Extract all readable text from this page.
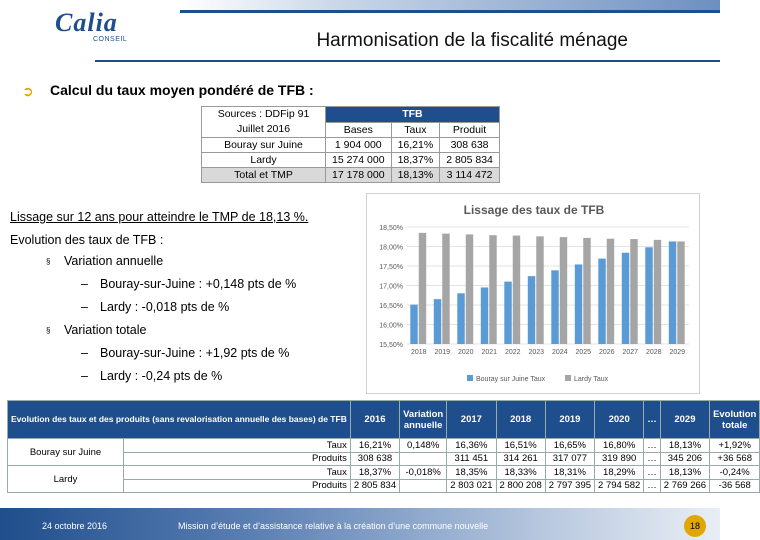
Calia
CONSEIL	Harmonisation de la fiscalité ménage
➲ Calcul du taux moyen pondéré de TFB :
Sources : DDFip 91 Juillet 2016	TFB		
	Bases	Taux	Produit
Bouray sur Juine	1 904 000	16,21%	308 638
Lardy	15 274 000	18,37%	2 805 834
Total et TMP	17 178 000	18,13%	3 114 472
Lissage sur 12 ans pour atteindre le TMP de 18,13 %.
Evolution des taux de TFB :
§ Variation annuelle
– Bouray-sur-Juine : +0,148 pts de %
– Lardy : -0,018 pts de %
§ Variation totale
– Bouray-sur-Juine : +1,92 pts de %
– Lardy : -0,24 pts de %
Lissage des taux de TFB
15,50%
16,00%
16,50%
17,00%
17,50%
18,00%
18,50%
2018 2019 2020 2021 2022 2023 2024 2025 2026 2027 2028 2029
Bouray sur Juine Taux	Lardy Taux
Evolution des taux et des produits (sans revalorisation annuelle des bases) de TFB		2016	Variation annuelle	2017	2018	2019	2020	…	2029	Evolution totale
Bouray sur Juine	Taux	16,21%	0,148%	16,36%	16,51%	16,65%	16,80%	…	18,13%	+1,92%
	Produits	308 638		311 451	314 261	317 077	319 890	…	345 206	+36 568
Lardy	Taux	18,37%	-0,018%	18,35%	18,33%	18,31%	18,29%	…	18,13%	-0,24%
	Produits	2 805 834		2 803 021	2 800 208	2 797 395	2 794 582	…	2 769 266	-36 568
24 octobre 2016	Mission d’étude et d’assistance relative à la création d’une commune nouvelle	18
